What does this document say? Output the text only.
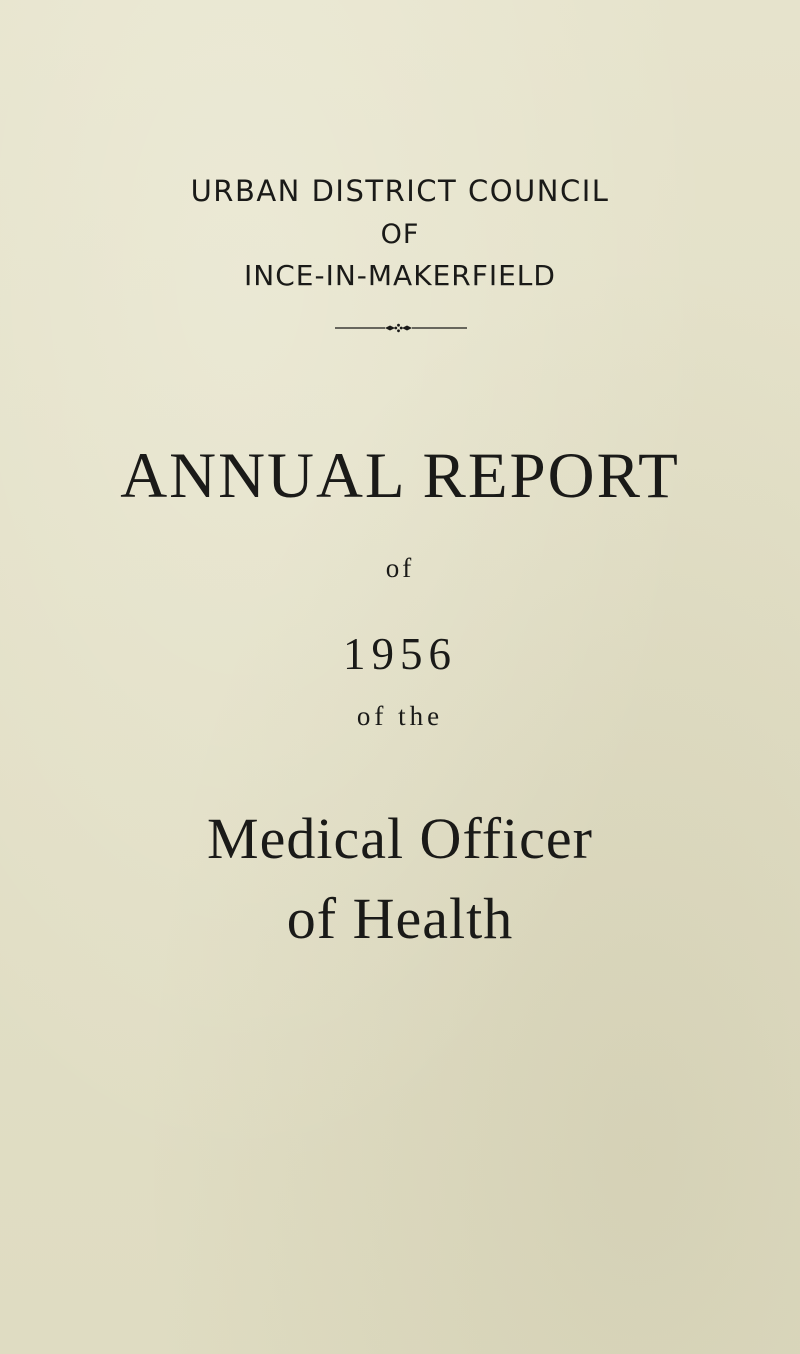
URBAN DISTRICT COUNCIL

OF

INCE-IN-MAKERFIELD

ANNUAL REPORT

of

1956

of the

Medical Officer

of Health
